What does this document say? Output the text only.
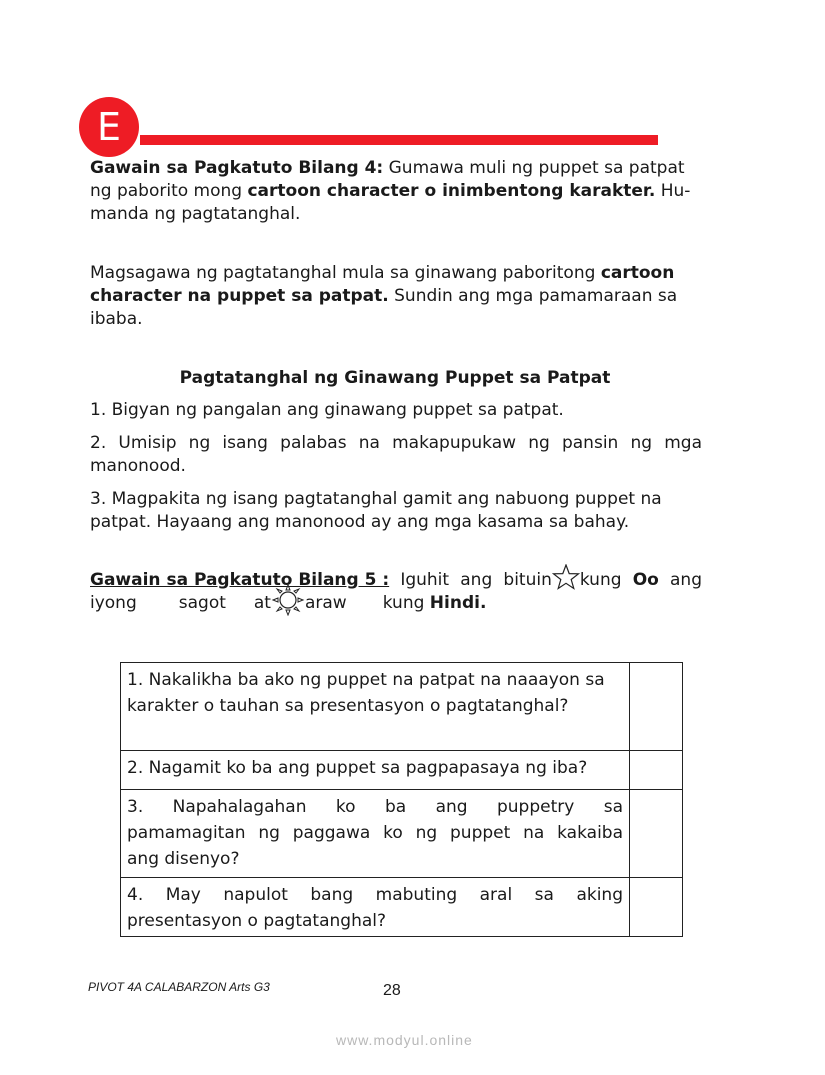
E
Gawain sa Pagkatuto Bilang 4: Gumawa muli ng puppet sa patpat ng paborito mong cartoon character o inimbentong karakter. Hu-manda ng pagtatanghal.
Magsagawa ng pagtatanghal mula sa ginawang paboritong cartoon character na puppet sa patpat. Sundin ang mga pamamaraan sa ibaba.
Pagtatanghal ng Ginawang Puppet sa Patpat
1. Bigyan ng pangalan ang ginawang puppet sa patpat.
2. Umisip ng isang palabas na makapupukaw ng pansin ng mga
manonood.
3. Magpakita ng isang pagtatanghal gamit ang nabuong puppet na patpat. Hayaang ang manonood ay ang mga kasama sa bahay.
Gawain sa Pagkatuto Bilang 5 : Iguhit ang bituin kung Oo ang
iyong sagot at araw kung
Hindi.
1. Nakalikha ba ako ng puppet na patpat na naaayon sa karakter o tauhan sa presentasyon o pagtatanghal?	
2. Nagamit ko ba ang puppet sa pagpapasaya ng iba?	

3. Napahalagahan ko ba ang puppetry sa
pamamagitan ng paggawa ko ng puppet na kakaiba
ang disenyo?	

4. May napulot bang mabuting aral sa aking
presentasyon o pagtatanghal?	
PIVOT 4A CALABARZON Arts G3	28
www.modyul.online
